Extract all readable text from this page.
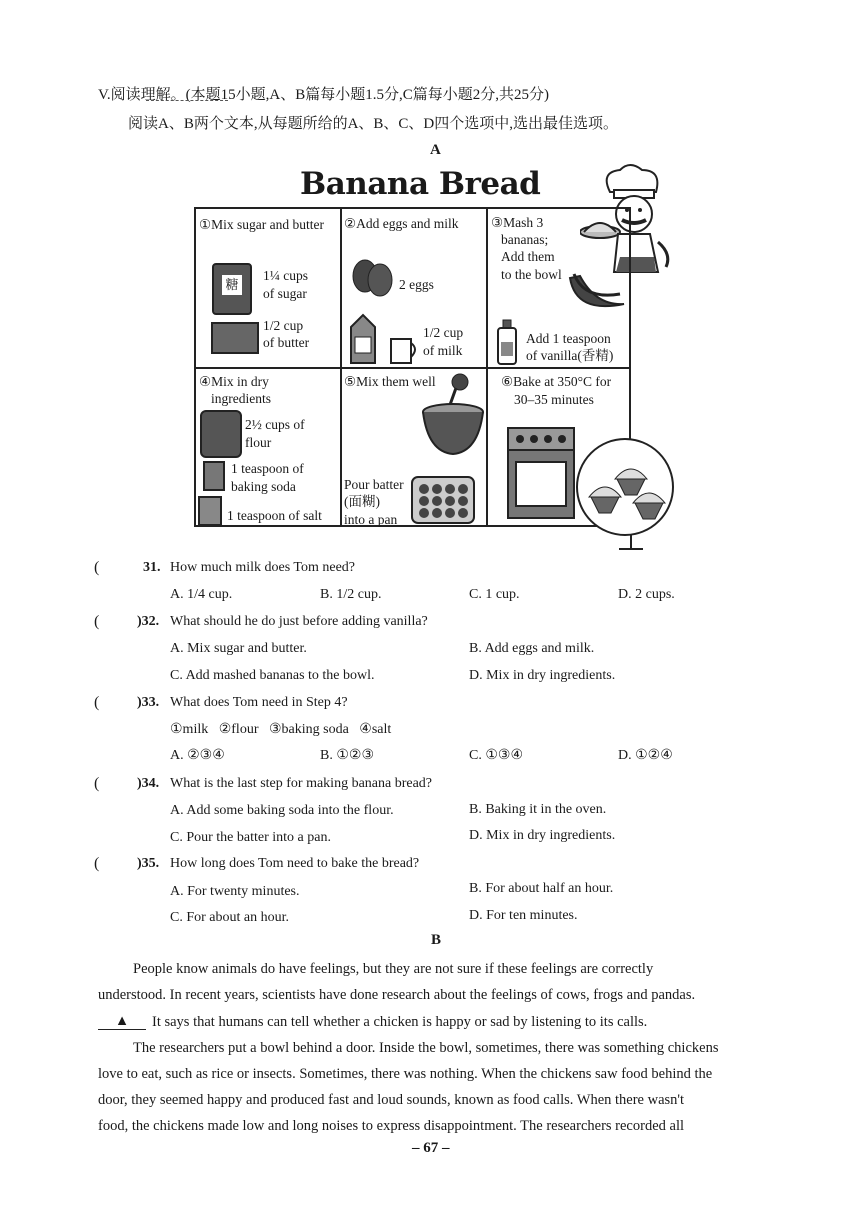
V.阅读理解。(本题15小题,A、B篇每小题1.5分,C篇每小题2分,共25分)
阅读A、B两个文本,从每题所给的A、B、C、D四个选项中,选出最佳选项。
A
Banana Bread
①Mix sugar and butter
糖
1¼ cups
of sugar
1/2 cup
of butter
②Add eggs and milk
2 eggs
1/2 cup
of milk
③Mash 3
bananas;
Add them
to the bowl
Add 1 teaspoon
of vanilla(香精)
④Mix in dry
ingredients
2½ cups of
flour
1 teaspoon of
baking soda
1 teaspoon of salt
⑤Mix them well
Pour batter
(面糊)
into a pan
⑥Bake at 350°C for
30–35 minutes
(	31. How much milk does Tom need?
A. 1/4 cup.	B. 1/2 cup.	C. 1 cup.	D. 2 cups.
(	)32. What should he do just before adding vanilla?
A. Mix sugar and butter.	B. Add eggs and milk.
C. Add mashed bananas to the bowl.	D. Mix in dry ingredients.
(	)33. What does Tom need in Step 4?
①milk   ②flour   ③baking soda   ④salt
A. ②③④	B. ①②③	C. ①③④	D. ①②④
(	)34. What is the last step for making banana bread?
A. Add some baking soda into the flour.	B. Baking it in the oven.
C. Pour the batter into a pan.	D. Mix in dry ingredients.
(	)35. How long does Tom need to bake the bread?
A. For twenty minutes.	B. For about half an hour.
C. For about an hour.	D. For ten minutes.
B
People know animals do have feelings, but they are not sure if these feelings are correctly
understood. In recent years, scientists have done research about the feelings of cows, frogs and pandas.
▲	It says that humans can tell whether a chicken is happy or sad by listening to its calls.
The researchers put a bowl behind a door. Inside the bowl, sometimes, there was something chickens
love to eat, such as rice or insects. Sometimes, there was nothing. When the chickens saw food behind the
door, they seemed happy and produced fast and loud sounds, known as food calls. When there wasn't
food, the chickens made low and long noises to express disappointment. The researchers recorded all
– 67 –
